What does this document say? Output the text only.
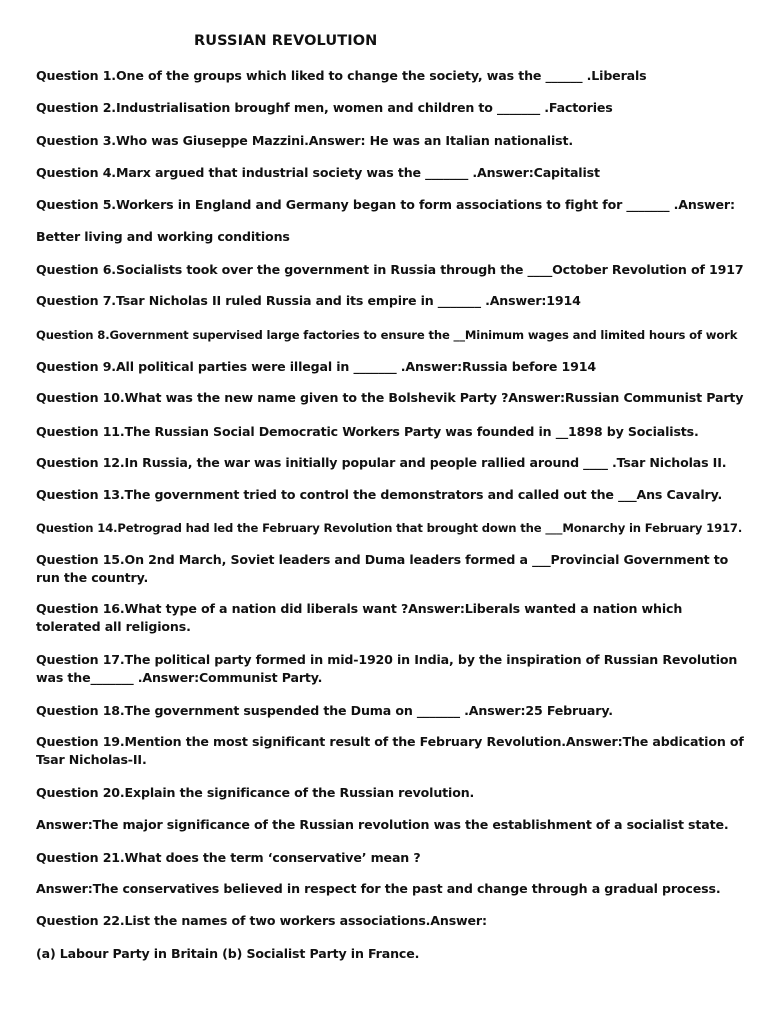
RUSSIAN REVOLUTION
Question 1.One of the groups which liked to change the society, was the ______ .Liberals
Question 2.Industrialisation broughf men, women and children to _______ .Factories
Question 3.Who was Giuseppe Mazzini.Answer: He was an Italian nationalist.
Question 4.Marx argued that industrial society was the _______ .Answer:Capitalist
Question 5.Workers in England and Germany began to form associations to fight for _______ .Answer:
Better living and working conditions
Question 6.Socialists took over the government in Russia through the ____October Revolution of 1917
Question 7.Tsar Nicholas II ruled Russia and its empire in _______ .Answer:1914
Question 8.Government supervised large factories to ensure the __Minimum wages and limited hours of work
Question 9.All political parties were illegal in _______ .Answer:Russia before 1914
Question 10.What was the new name given to the Bolshevik Party ?Answer:Russian Communist Party
Question 11.The Russian Social Democratic Workers Party was founded in __1898 by Socialists.
Question 12.In Russia, the war was initially popular and people rallied around ____ .Tsar Nicholas II.
Question 13.The government tried to control the demonstrators and called out the ___Ans Cavalry.
Question 14.Petrograd had led the February Revolution that brought down the ___Monarchy in February 1917.
Question 15.On 2nd March, Soviet leaders and Duma leaders formed a ___Provincial Government to run the country.
Question 16.What type of a nation did liberals want ?Answer:Liberals wanted a nation which tolerated all religions.
Question 17.The political party formed in mid-1920 in India, by the inspiration of Russian Revolution was the_______ .Answer:Communist Party.
Question 18.The government suspended the Duma on _______ .Answer:25 February.
Question 19.Mention the most significant result of the February Revolution.Answer:The abdication of Tsar Nicholas-II.
Question 20.Explain the significance of the Russian revolution.
Answer:The major significance of the Russian revolution was the establishment of a socialist state.
Question 21.What does the term ‘conservative’ mean ?
Answer:The conservatives believed in respect for the past and change through a gradual process.
Question 22.List the names of two workers associations.Answer:
(a) Labour Party in Britain (b) Socialist Party in France.
